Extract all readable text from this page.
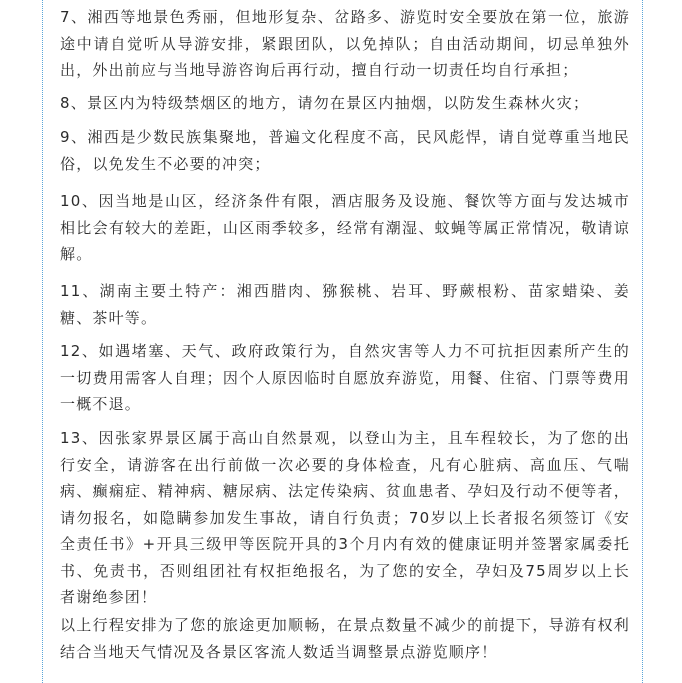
7、湘西等地景色秀丽，但地形复杂、岔路多、游览时安全要放在第一位，旅游途中请自觉听从导游安排，紧跟团队，以免掉队；自由活动期间，切忌单独外出，外出前应与当地导游咨询后再行动，擅自行动一切责任均自行承担；

8、景区内为特级禁烟区的地方，请勿在景区内抽烟，以防发生森林火灾；

9、湘西是少数民族集聚地，普遍文化程度不高，民风彪悍，请自觉尊重当地民俗，以免发生不必要的冲突；

10、因当地是山区，经济条件有限，酒店服务及设施、餐饮等方面与发达城市相比会有较大的差距，山区雨季较多，经常有潮湿、蚊蝇等属正常情况，敬请谅解。

11、湖南主要土特产：湘西腊肉、猕猴桃、岩耳、野蕨根粉、苗家蜡染、姜糖、茶叶等。

12、如遇堵塞、天气、政府政策行为，自然灾害等人力不可抗拒因素所产生的一切费用需客人自理；因个人原因临时自愿放弃游览，用餐、住宿、门票等费用一概不退。

13、因张家界景区属于高山自然景观，以登山为主，且车程较长，为了您的出行安全，请游客在出行前做一次必要的身体检查，凡有心脏病、高血压、气喘病、癫痫症、精神病、糖尿病、法定传染病、贫血患者、孕妇及行动不便等者，请勿报名，如隐瞒参加发生事故，请自行负责；70岁以上长者报名须签订《安全责任书》+开具三级甲等医院开具的3个月内有效的健康证明并签署家属委托书、免责书，否则组团社有权拒绝报名，为了您的安全，孕妇及75周岁以上长者谢绝参团！

以上行程安排为了您的旅途更加顺畅，在景点数量不减少的前提下，导游有权利结合当地天气情况及各景区客流人数适当调整景点游览顺序！
